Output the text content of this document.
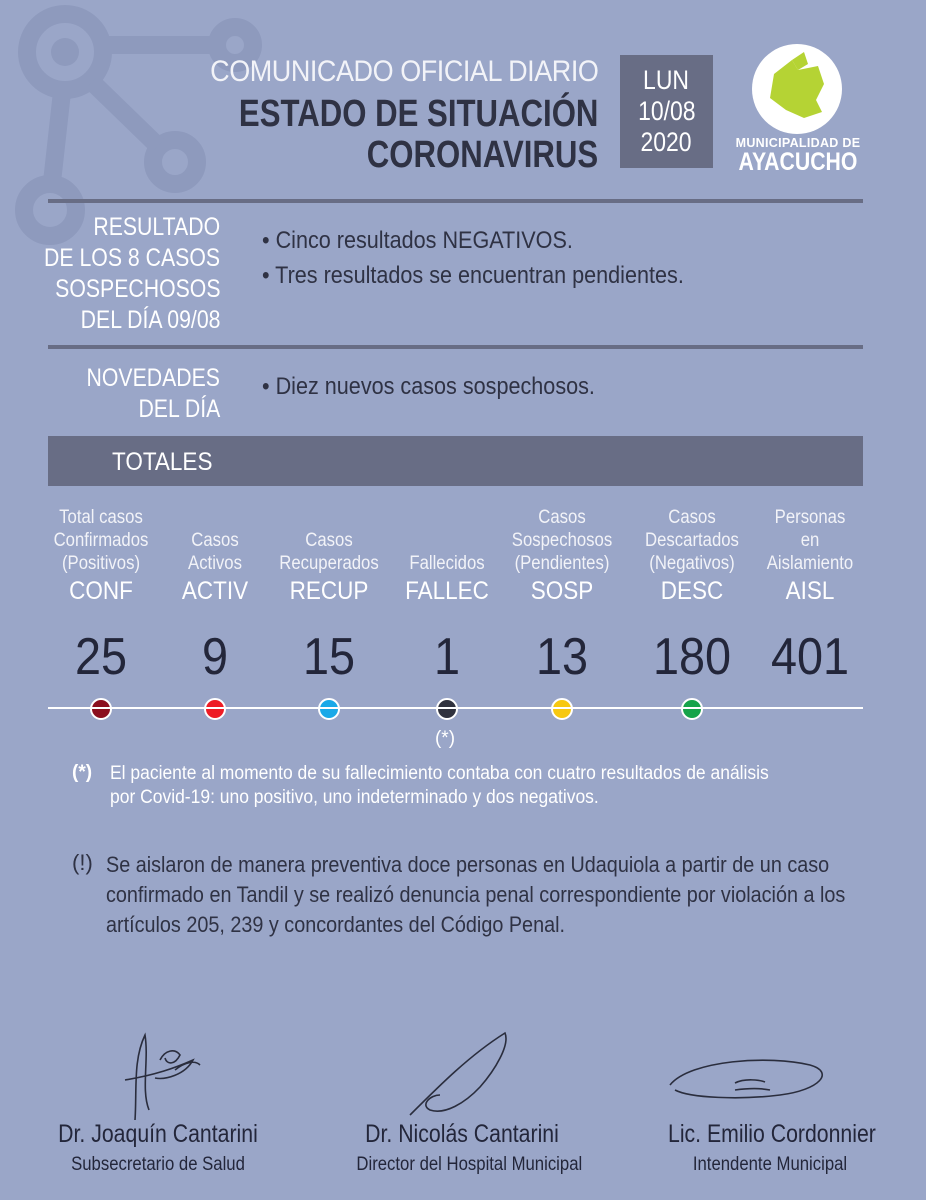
COMUNICADO OFICIAL DIARIO
ESTADO DE SITUACIÓN
CORONAVIRUS
LUN
10/08
2020	MUNICIPALIDAD DE
AYACUCHO
RESULTADO
DE LOS 8 CASOS
SOSPECHOSOS
DEL DÍA 09/08
• Cinco resultados NEGATIVOS.
• Tres resultados se encuentran pendientes.
NOVEDADES
DEL DÍA
• Diez nuevos casos sospechosos.
TOTALES
Total casos
Confirmados
(Positivos)
CONF
25
Casos
Activos
ACTIV
9
Casos
Recuperados
RECUP
15
Fallecidos
FALLEC
1
Casos
Sospechosos
(Pendientes)
SOSP
13
Casos
Descartados
(Negativos)
DESC
180
Personas
en
Aislamiento
AISL
401
(*)
(*) El paciente al momento de su fallecimiento contaba con cuatro resultados de análisis por Covid-19: uno positivo, uno indeterminado y dos negativos.
(!) Se aislaron de manera preventiva doce personas en Udaquiola a partir de un caso confirmado en Tandil y se realizó denuncia penal correspondiente por violación a los artículos 205, 239 y concordantes del Código Penal.
Dr. Joaquín Cantarini
Subsecretario de Salud
Dr. Nicolás Cantarini
Director del Hospital Municipal
Lic. Emilio Cordonnier
Intendente Municipal
